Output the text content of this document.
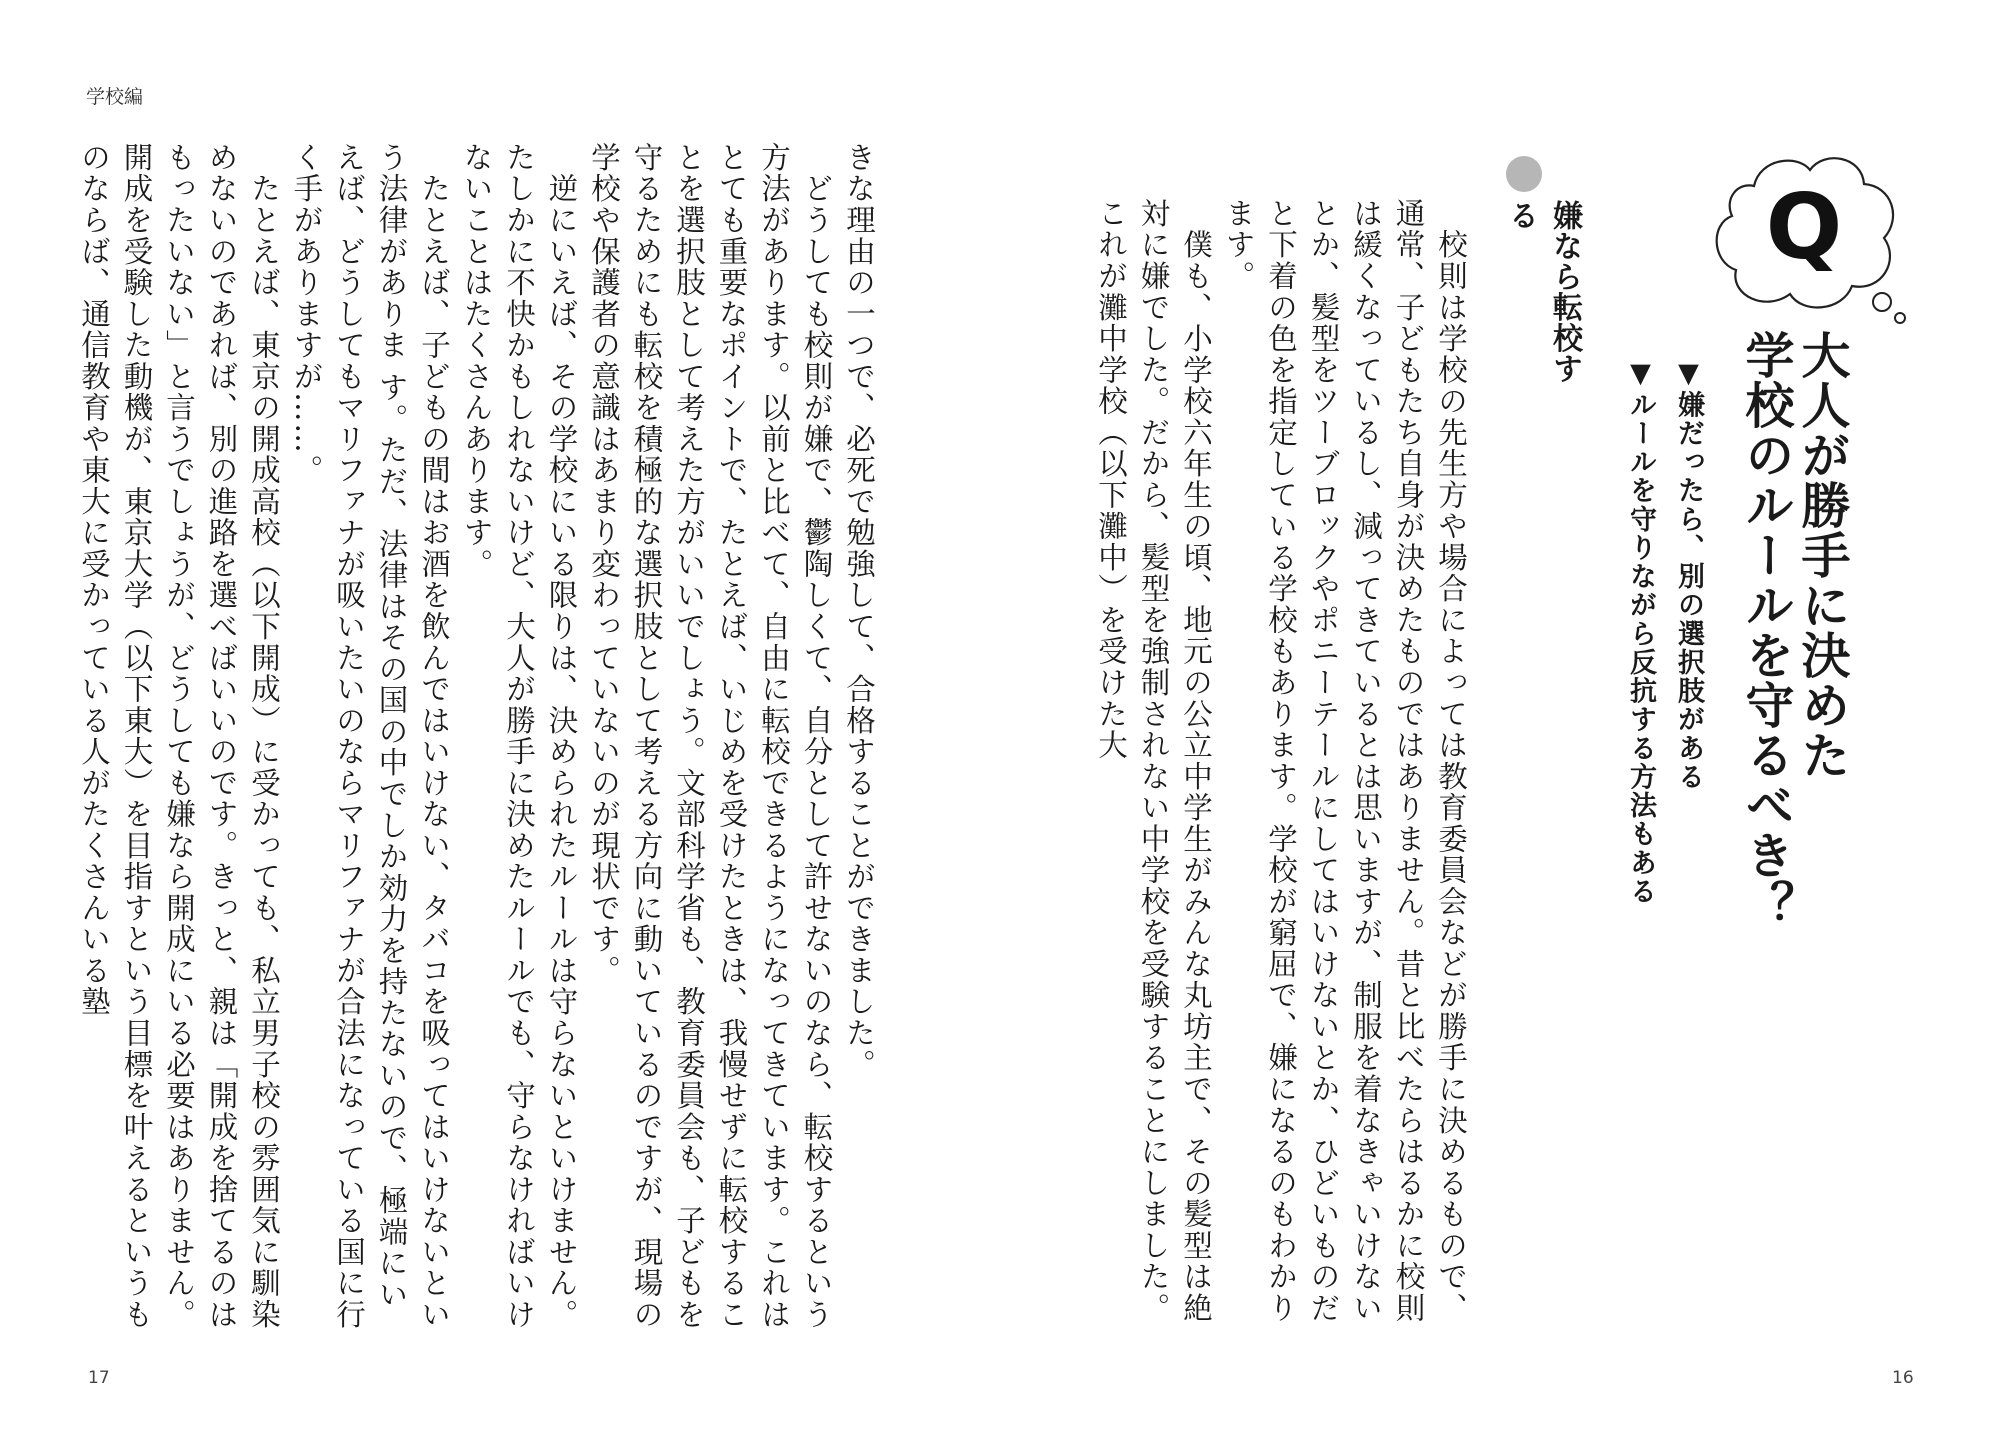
学校編

きな理由の一つで、必死で勉強して、合格することができました。

　どうしても校則が嫌で、鬱陶しくて、自分として許せないのなら、転校するという方法があります。以前と比べて、自由に転校できるようになってきています。これはとても重要なポイントで、たとえば、いじめを受けたときは、我慢せずに転校することを選択肢として考えた方がいいでしょう。文部科学省も、教育委員会も、子どもを守るためにも転校を積極的な選択肢として考える方向に動いているのですが、現場の学校や保護者の意識はあまり変わっていないのが現状です。

　逆にいえば、その学校にいる限りは、決められたルールは守らないといけません。たしかに不快かもしれないけど、大人が勝手に決めたルールでも、守らなければいけないことはたくさんあります。

　たとえば、子どもの間はお酒を飲んではいけない、タバコを吸ってはいけないという法律がありま す。ただ、法律はその国の中でしか効力を持たないので、極端にいえば、どうしてもマリファナが吸いたいのならマリファナが合法になっている国に行く手がありますが……。

　たとえば、東京の開成高校（以下開成）に受かっても、私立男子校の雰囲気に馴染めないのであれば、別の進路を選べばいいのです。きっと、親は「開成を捨てるのはもったいない」と言うでしょうが、どうしても嫌なら開成にいる必要はありません。開成を受験した動機が、東京大学（以下東大）を目指すという目標を叶えるというものならば、通信教育や東大に受かっている人がたくさんいる塾

17
Q
大人が勝手に決めた
学校のルールを守るべき？
▼嫌だったら、別の選択肢がある
▼ルールを守りながら反抗する方法もある
嫌なら転校する

　校則は学校の先生方や場合によっては教育委員会などが勝手に決めるもので、通常、子どもたち自身が決めたものではありません。昔と比べたらはるかに校則は緩くなっているし、減ってきているとは思いますが、制服を着なきゃいけないとか、髪型をツーブロックやポニーテールにしてはいけないとか、ひどいものだと下着の色を指定している学校もあります。学校が窮屈で、嫌になるのもわかります。

　僕も、小学校六年生の頃、地元の公立中学生がみんな丸坊主で、その髪型は絶対に嫌でした。だから、髪型を強制されない中学校を受験することにしました。これが灘中学校（以下灘中）を受けた大

16
